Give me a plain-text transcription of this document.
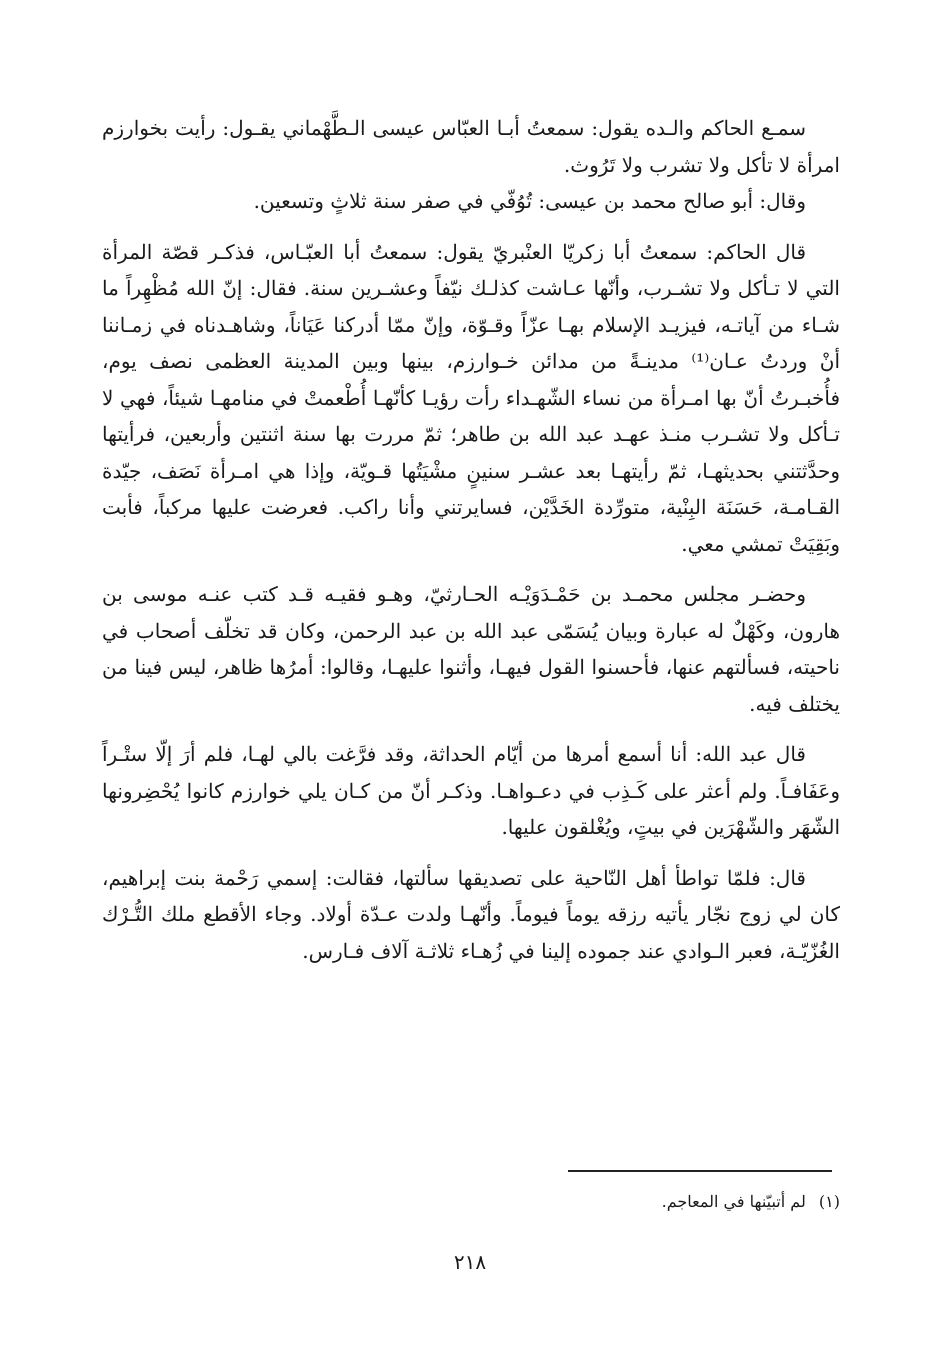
سمـع الحاكم والـده يقول: سمعتُ أبـا العبّاس عيسى الـطَّهْماني يقـول: رأيت بخوارزم امرأة لا تأكل ولا تشرب ولا تَرُوث.

وقال: أبو صالح محمد بن عيسى: تُوُفّي في صفر سنة ثلاثٍ وتسعين.

قال الحاكم: سمعتُ أبا زكريّا العنْبريّ يقول: سمعتُ أبا العبّـاس، فذكـر قصّة المرأة التي لا تـأكل ولا تشـرب، وأنّها عـاشت كذلـك نيّفاً وعشـرين سنة. فقال: إنّ الله مُظْهِراً ما شـاء من آياتـه، فيزيـد الإسلام بهـا عزّاً وقـوّة، وإنّ ممّا أدركنا عَيَاناً، وشاهـدناه في زمـاننا أنْ وردتُ عـان⁽¹⁾ مدينـةً من مدائن خـوارزم، بينها وبين المدينة العظمى نصف يوم، فأُخبـرتُ أنّ بها امـرأة من نساء الشّهـداء رأت رؤيـا كأنّهـا أُطْعمتْ في منامهـا شيئاً، فهي لا تـأكل ولا تشـرب منـذ عهـد عبد الله بن طاهر؛ ثمّ مررت بها سنة اثنتين وأربعين، فرأيتها وحدَّثتني بحديثهـا، ثمّ رأيتهـا بعد عشـر سنينٍ مشْيَتُها قـويّة، وإذا هي امـرأة نَصَف، جيّدة القـامـة، حَسَنَة البِنْية، متورِّدة الخَدَّيْن، فسايرتني وأنا راكب. فعرضت عليها مركباً، فأبت وبَقِيَتْ تمشي معي.

وحضـر مجلس محمـد بن حَمْـدَوَيْـه الحـارثيّ، وهـو فقيـه قـد كتب عنـه موسى بن هارون، وكَهْلٌ له عبارة وبيان يُسَمّى عبد الله بن عبد الرحمن، وكان قد تخلّف أصحاب في ناحيته، فسألتهم عنها، فأحسنوا القول فيهـا، وأثنوا عليهـا، وقالوا: أمرُها ظاهر، ليس فينا من يختلف فيه.

قال عبد الله: أنا أسمع أمرها من أيّام الحداثة، وقد فرَّغت بالي لهـا، فلم أرَ إلّا ستْـراً وعَفَافـاً. ولم أعثر على كَـذِب في دعـواهـا. وذكـر أنّ من كـان يلي خوارزم كانوا يُحْضِرونها الشّهَر والشّهْرَين في بيتٍ، ويُغْلقون عليها.

قال: فلمّا تواطأ أهل النّاحية على تصديقها سألتها، فقالت: إسمي رَحْمة بنت إبراهيم، كان لي زوج نجّار يأتيه رزقه يوماً فيوماً. وأنّهـا ولدت عـدّة أولاد. وجاء الأقطع ملك التُّـرْك الغُزّيّـة، فعبر الـوادي عند جموده إلينا في زُهـاء ثلاثـة آلاف فـارس.

(١) لم أتبيّنها في المعاجم.
٢١٨
